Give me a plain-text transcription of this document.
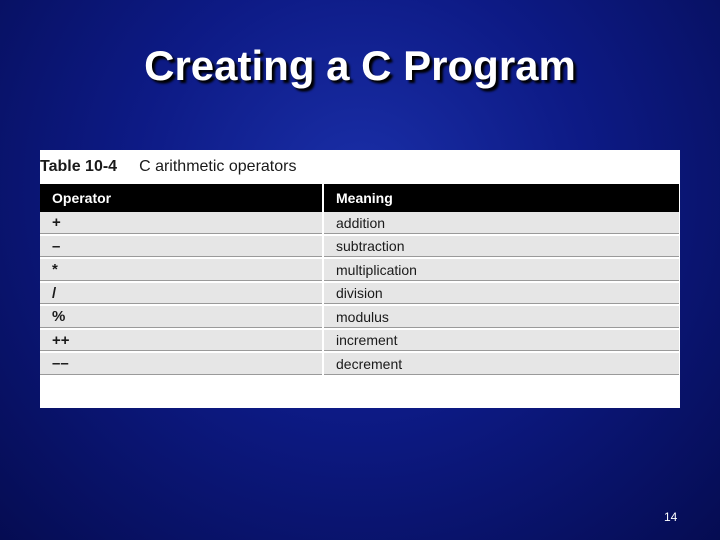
Creating a C Program
Table 10-4 C arithmetic operators
Operator	Meaning
+	addition
–	subtraction
*	multiplication
/	division
%	modulus
++	increment
––	decrement
14
